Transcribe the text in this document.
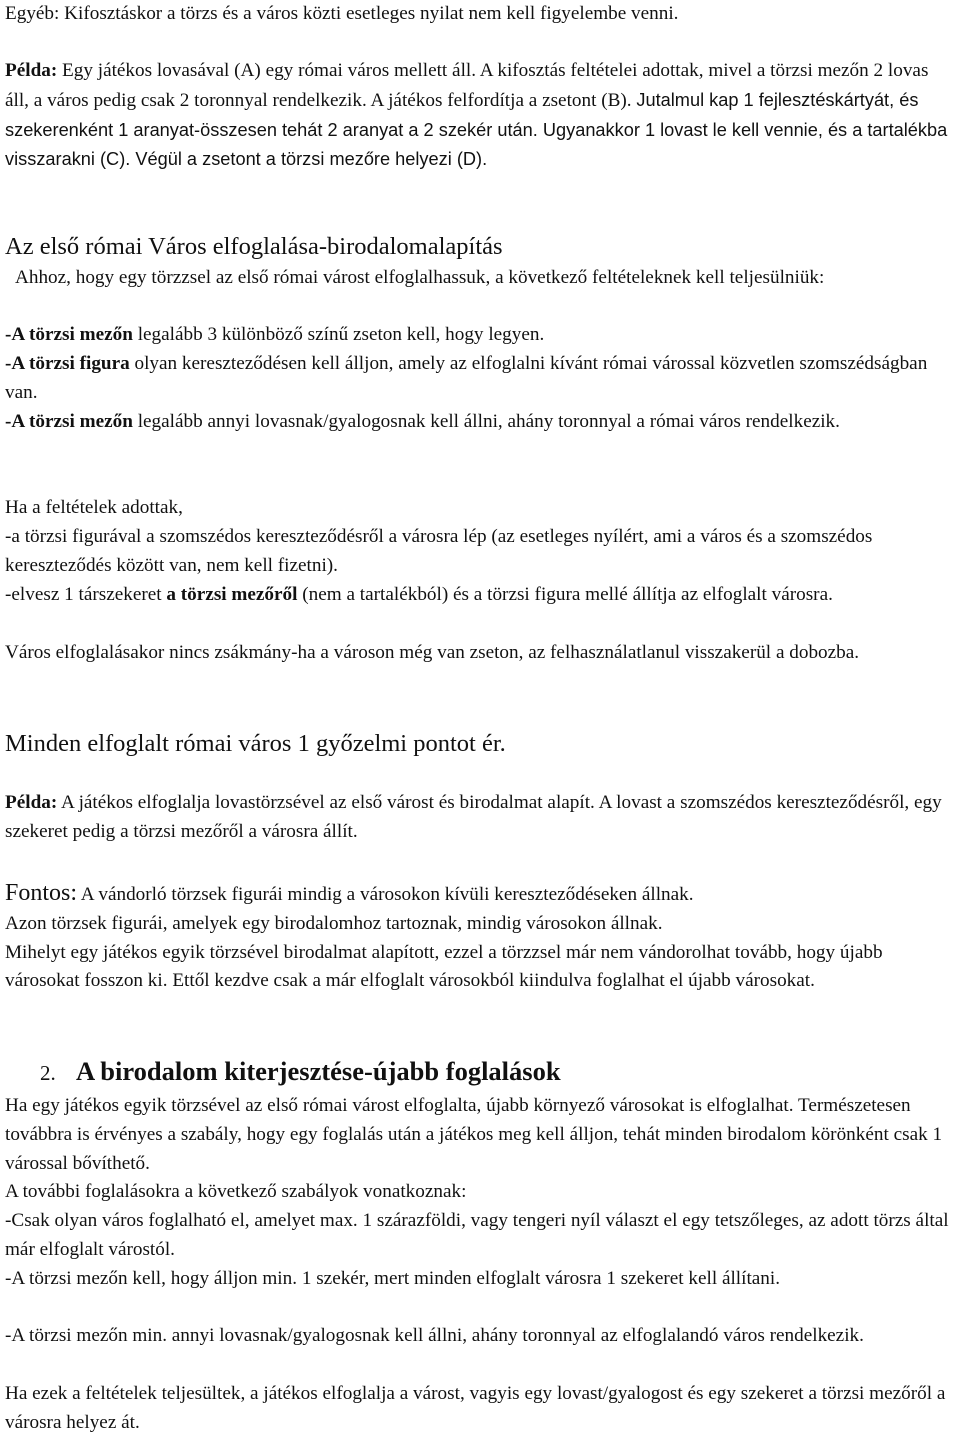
Egyéb: Kifosztáskor a törzs és a város közti esetleges nyilat nem kell figyelembe venni.

Példa: Egy játékos lovasával (A) egy római város mellett áll. A kifosztás feltételei adottak, mivel a törzsi mezőn 2 lovas áll, a város pedig csak 2 toronnyal rendelkezik. A játékos felfordítja a zsetont (B). Jutalmul kap 1 fejlesztéskártyát, és szekerenként 1 aranyat-összesen tehát 2 aranyat a 2 szekér után. Ugyanakkor 1 lovast le kell vennie, és a tartalékba visszarakni (C). Végül a zsetont a törzsi mezőre helyezi (D).

Az első római Város elfoglalása-birodalomalapítás

Ahhoz, hogy egy törzzsel az első római várost elfoglalhassuk, a következő feltételeknek kell teljesülniük:

-A törzsi mezőn legalább 3 különböző színű zseton kell, hogy legyen.

-A törzsi figura olyan kereszteződésen kell álljon, amely az elfoglalni kívánt római várossal közvetlen szomszédságban van.

-A törzsi mezőn legalább annyi lovasnak/gyalogosnak kell állni, ahány toronnyal a római város rendelkezik.

Ha a feltételek adottak,

-a törzsi figurával a szomszédos kereszteződésről a városra lép (az esetleges nyílért, ami a város és a szomszédos kereszteződés között van, nem kell fizetni).

-elvesz 1 társzekeret a törzsi mezőről (nem a tartalékból) és a törzsi figura mellé állítja az elfoglalt városra.

Város elfoglalásakor nincs zsákmány-ha a városon még van zseton, az felhasználatlanul visszakerül a dobozba.

Minden elfoglalt római város 1 győzelmi pontot ér.

Példa: A játékos elfoglalja lovastörzsével az első várost és birodalmat alapít. A lovast a szomszédos kereszteződésről, egy szekeret pedig a törzsi mezőről a városra állít.

Fontos: A vándorló törzsek figurái mindig a városokon kívüli kereszteződéseken állnak.
Azon törzsek figurái, amelyek egy birodalomhoz tartoznak, mindig városokon állnak.
Mihelyt egy játékos egyik törzsével birodalmat alapított, ezzel a törzzsel már nem vándorolhat tovább, hogy újabb városokat fosszon ki. Ettől kezdve csak a már elfoglalt városokból kiindulva foglalhat el újabb városokat.

2. A birodalom kiterjesztése-újabb foglalások

Ha egy játékos egyik törzsével az első római várost elfoglalta, újabb környező városokat is elfoglalhat. Természetesen továbbra is érvényes a szabály, hogy egy foglalás után a játékos meg kell álljon, tehát minden birodalom körönként csak 1 várossal bővíthető.

A további foglalásokra a következő szabályok vonatkoznak:

-Csak olyan város foglalható el, amelyet max. 1 szárazföldi, vagy tengeri nyíl választ el egy tetszőleges, az adott törzs által már elfoglalt várostól.

-A törzsi mezőn kell, hogy álljon min. 1 szekér, mert minden elfoglalt városra 1 szekeret kell állítani.

-A törzsi mezőn min. annyi lovasnak/gyalogosnak kell állni, ahány toronnyal az elfoglalandó város rendelkezik.

Ha ezek a feltételek teljesültek, a játékos elfoglalja a várost, vagyis egy lovast/gyalogost és egy szekeret a törzsi mezőről a városra helyez át.
